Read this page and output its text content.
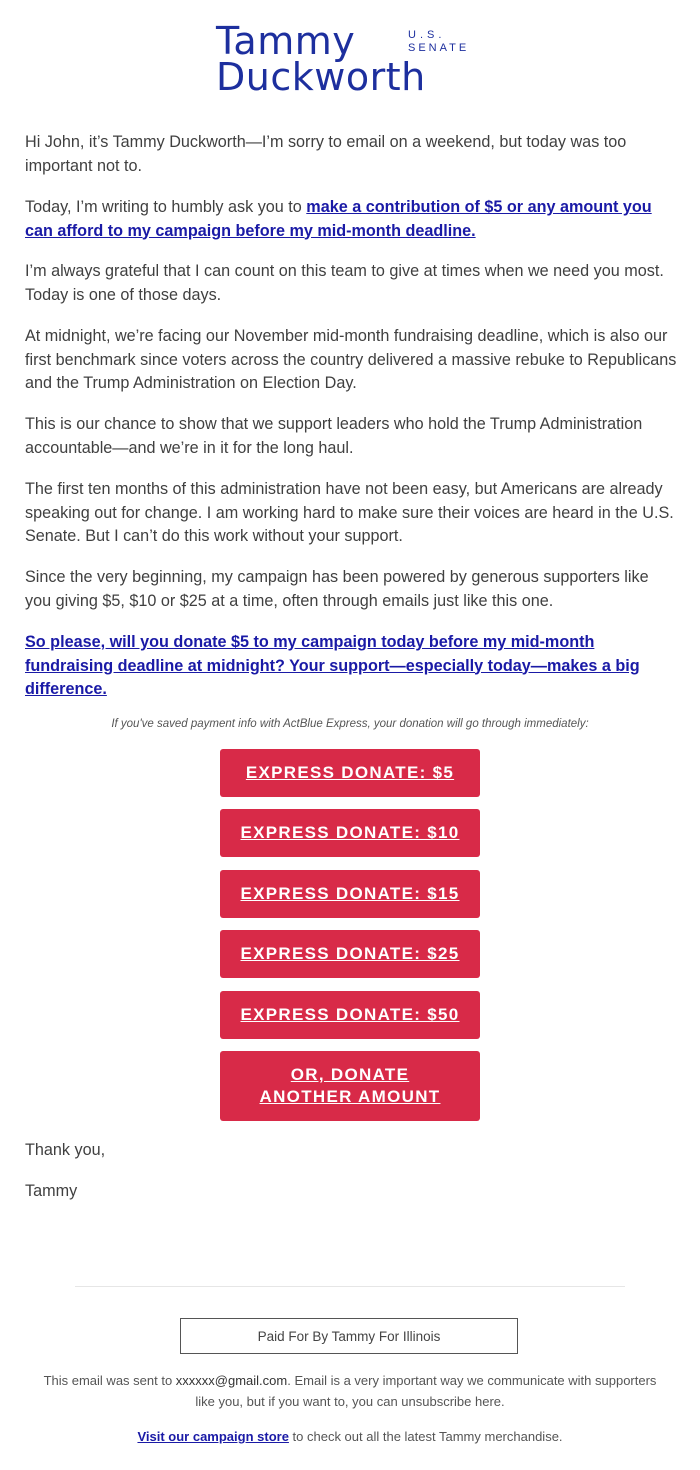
Tammy	U.S.
SENATE
Duckworth

Hi John, it’s Tammy Duckworth—I’m sorry to email on a weekend, but today was too important not to.

Today, I’m writing to humbly ask you to make a contribution of $5 or any amount you can afford to my campaign before my mid-month deadline.

I’m always grateful that I can count on this team to give at times when we need you most. Today is one of those days.

At midnight, we’re facing our November mid-month fundraising deadline, which is also our first benchmark since voters across the country delivered a massive rebuke to Republicans and the Trump Administration on Election Day.

This is our chance to show that we support leaders who hold the Trump Administration accountable—and we’re in it for the long haul.

The first ten months of this administration have not been easy, but Americans are already speaking out for change. I am working hard to make sure their voices are heard in the U.S. Senate. But I can’t do this work without your support.

Since the very beginning, my campaign has been powered by generous supporters like you giving $5, $10 or $25 at a time, often through emails just like this one.

So please, will you donate $5 to my campaign today before my mid-month fundraising deadline at midnight? Your support—especially today—makes a big difference.

If you've saved payment info with ActBlue Express, your donation will go through immediately:
EXPRESS DONATE: $5
EXPRESS DONATE: $10
EXPRESS DONATE: $15
EXPRESS DONATE: $25
EXPRESS DONATE: $50
OR, DONATE ANOTHER AMOUNT

Thank you,

Tammy

Paid For By Tammy For Illinois

This email was sent to xxxxxx@gmail.com. Email is a very important way we communicate with supporters like you, but if you want to, you can unsubscribe here.

Visit our campaign store to check out all the latest Tammy merchandise.
